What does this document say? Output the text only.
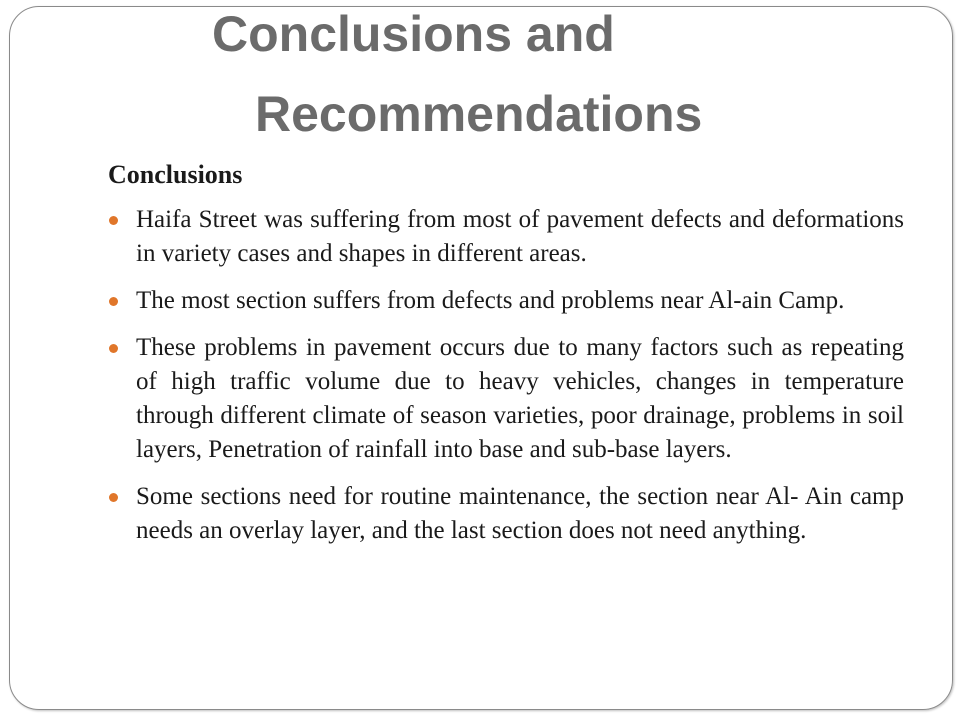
Conclusions and
Recommendations
Conclusions
Haifa Street was suffering from most of pavement defects and deformations in variety cases and shapes in different areas.
The most section suffers from defects and problems near Al-ain Camp.
These problems in pavement occurs due to many factors such as repeating of high traffic volume due to heavy vehicles, changes in temperature through different climate of season varieties, poor drainage, problems in soil layers, Penetration of rainfall into base and sub-base layers.
Some sections need for routine maintenance, the section near Al- Ain camp needs an overlay layer, and the last section does not need anything.
